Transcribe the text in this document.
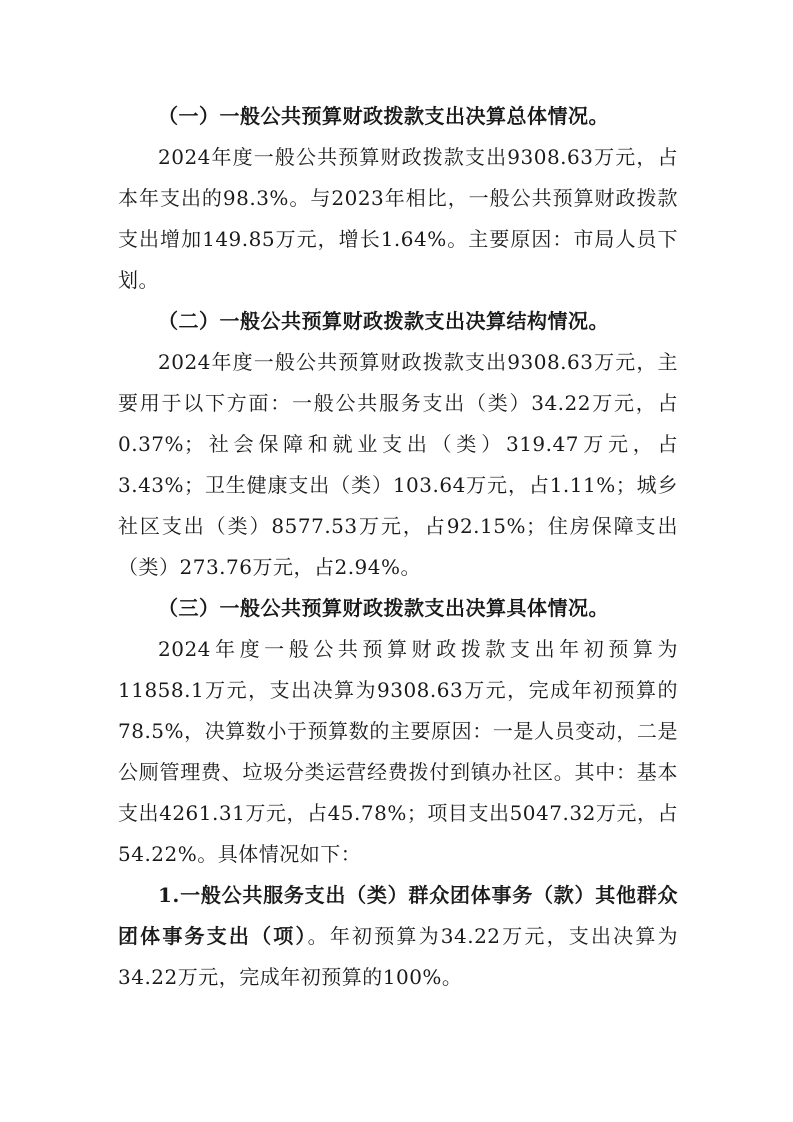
（一）一般公共预算财政拨款支出决算总体情况。

2024年度一般公共预算财政拨款支出9308.63万元，占本年支出的98.3%。与2023年相比，一般公共预算财政拨款支出增加149.85万元，增长1.64%。主要原因：市局人员下划。

（二）一般公共预算财政拨款支出决算结构情况。

2024年度一般公共预算财政拨款支出9308.63万元，主要用于以下方面：一般公共服务支出（类）34.22万元，占0.37%；社会保障和就业支出（类）319.47万元，占3.43%；卫生健康支出（类）103.64万元，占1.11%；城乡社区支出（类）8577.53万元，占92.15%；住房保障支出（类）273.76万元，占2.94%。

（三）一般公共预算财政拨款支出决算具体情况。

2024年度一般公共预算财政拨款支出年初预算为11858.1万元，支出决算为9308.63万元，完成年初预算的78.5%，决算数小于预算数的主要原因：一是人员变动，二是公厕管理费、垃圾分类运营经费拨付到镇办社区。其中：基本支出4261.31万元，占45.78%；项目支出5047.32万元，占54.22%。具体情况如下：

1.一般公共服务支出（类）群众团体事务（款）其他群众团体事务支出（项）。年初预算为34.22万元，支出决算为34.22万元，完成年初预算的100%。
